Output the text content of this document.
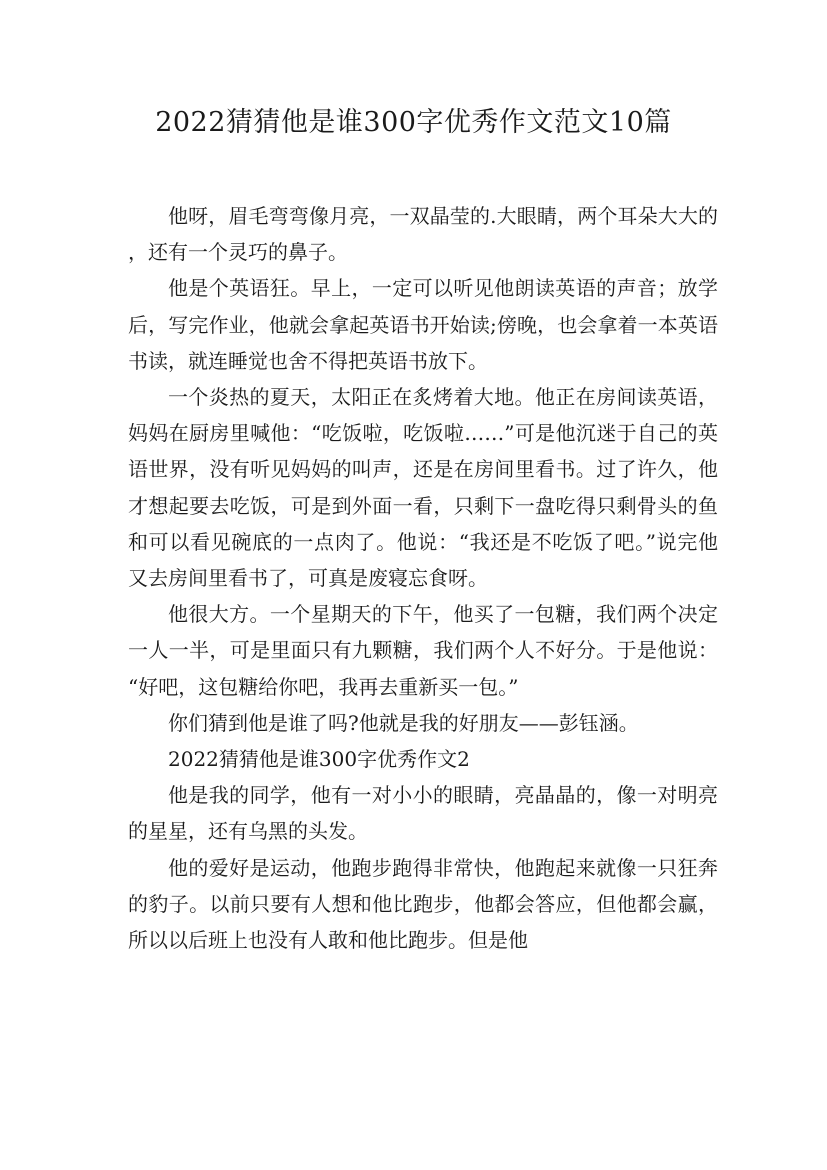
2022猜猜他是谁300字优秀作文范文10篇

他呀，眉毛弯弯像月亮，一双晶莹的.大眼睛，两个耳朵大大的，还有一个灵巧的鼻子。

他是个英语狂。早上，一定可以听见他朗读英语的声音；放学后，写完作业，他就会拿起英语书开始读;傍晚，也会拿着一本英语书读，就连睡觉也舍不得把英语书放下。

一个炎热的夏天，太阳正在炙烤着大地。他正在房间读英语，妈妈在厨房里喊他：“吃饭啦，吃饭啦……”可是他沉迷于自己的英语世界，没有听见妈妈的叫声，还是在房间里看书。过了许久，他才想起要去吃饭，可是到外面一看，只剩下一盘吃得只剩骨头的鱼和可以看见碗底的一点肉了。他说：“我还是不吃饭了吧。”说完他又去房间里看书了，可真是废寝忘食呀。

他很大方。一个星期天的下午，他买了一包糖，我们两个决定一人一半，可是里面只有九颗糖，我们两个人不好分。于是他说：“好吧，这包糖给你吧，我再去重新买一包。”

你们猜到他是谁了吗?他就是我的好朋友——彭钰涵。

2022猜猜他是谁300字优秀作文2

他是我的同学，他有一对小小的眼睛，亮晶晶的，像一对明亮的星星，还有乌黑的头发。

他的爱好是运动，他跑步跑得非常快，他跑起来就像一只狂奔的豹子。以前只要有人想和他比跑步，他都会答应，但他都会赢，所以以后班上也没有人敢和他比跑步。但是他
